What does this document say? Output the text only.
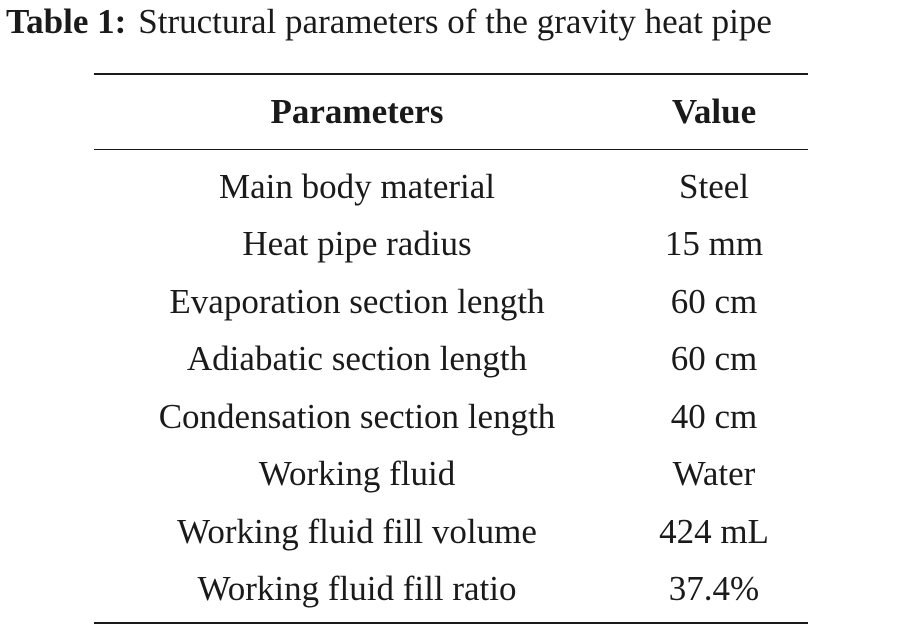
Table 1: Structural parameters of the gravity heat pipe
Parameters	Value
Main body material	Steel
Heat pipe radius	15 mm
Evaporation section length	60 cm
Adiabatic section length	60 cm
Condensation section length	40 cm
Working fluid	Water
Working fluid fill volume	424 mL
Working fluid fill ratio	37.4%
